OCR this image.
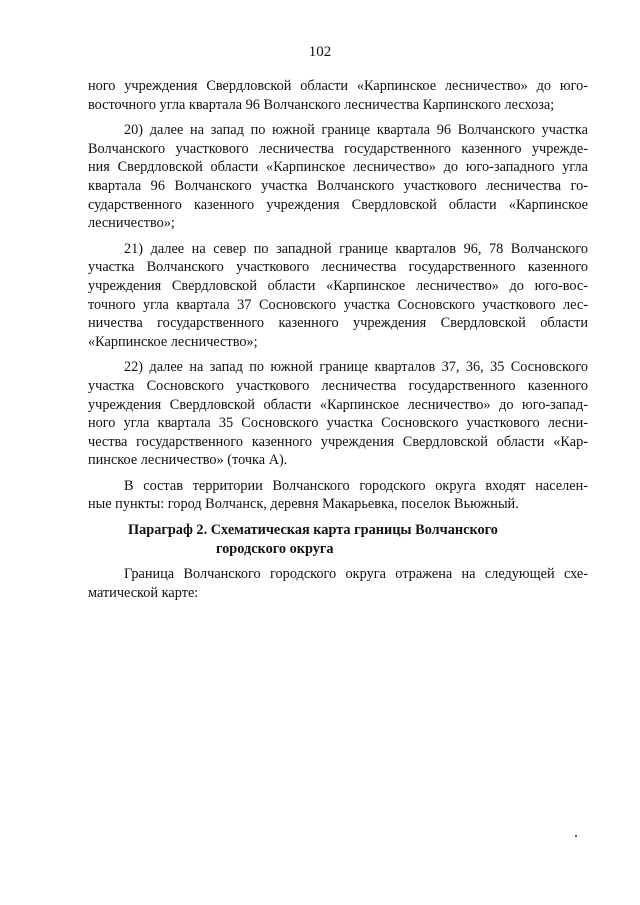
102
ного учреждения Свердловской области «Карпинское лесничество» до юго-
восточного угла квартала 96 Волчанского лесничества Карпинского лесхоза;
20) далее на запад по южной границе квартала 96 Волчанского участка
Волчанского участкового лесничества государственного казенного учрежде-
ния Свердловской области «Карпинское лесничество» до юго-западного угла
квартала 96 Волчанского участка Волчанского участкового лесничества го-
сударственного казенного учреждения Свердловской области «Карпинское
лесничество»;
21) далее на север по западной границе кварталов 96, 78 Волчанского
участка Волчанского участкового лесничества государственного казенного
учреждения Свердловской области «Карпинское лесничество» до юго-вос-
точного угла квартала 37 Сосновского участка Сосновского участкового лес-
ничества государственного казенного учреждения Свердловской области
«Карпинское лесничество»;
22) далее на запад по южной границе кварталов 37, 36, 35 Сосновского
участка Сосновского участкового лесничества государственного казенного
учреждения Свердловской области «Карпинское лесничество» до юго-запад-
ного угла квартала 35 Сосновского участка Сосновского участкового лесни-
чества государственного казенного учреждения Свердловской области «Кар-
пинское лесничество» (точка А).
В состав территории Волчанского городского округа входят населен-
ные пункты: город Волчанск, деревня Макарьевка, поселок Вьюжный.
Параграф 2. Схематическая карта границы Волчанского
городского округа
Граница Волчанского городского округа отражена на следующей схе-
матической карте:
